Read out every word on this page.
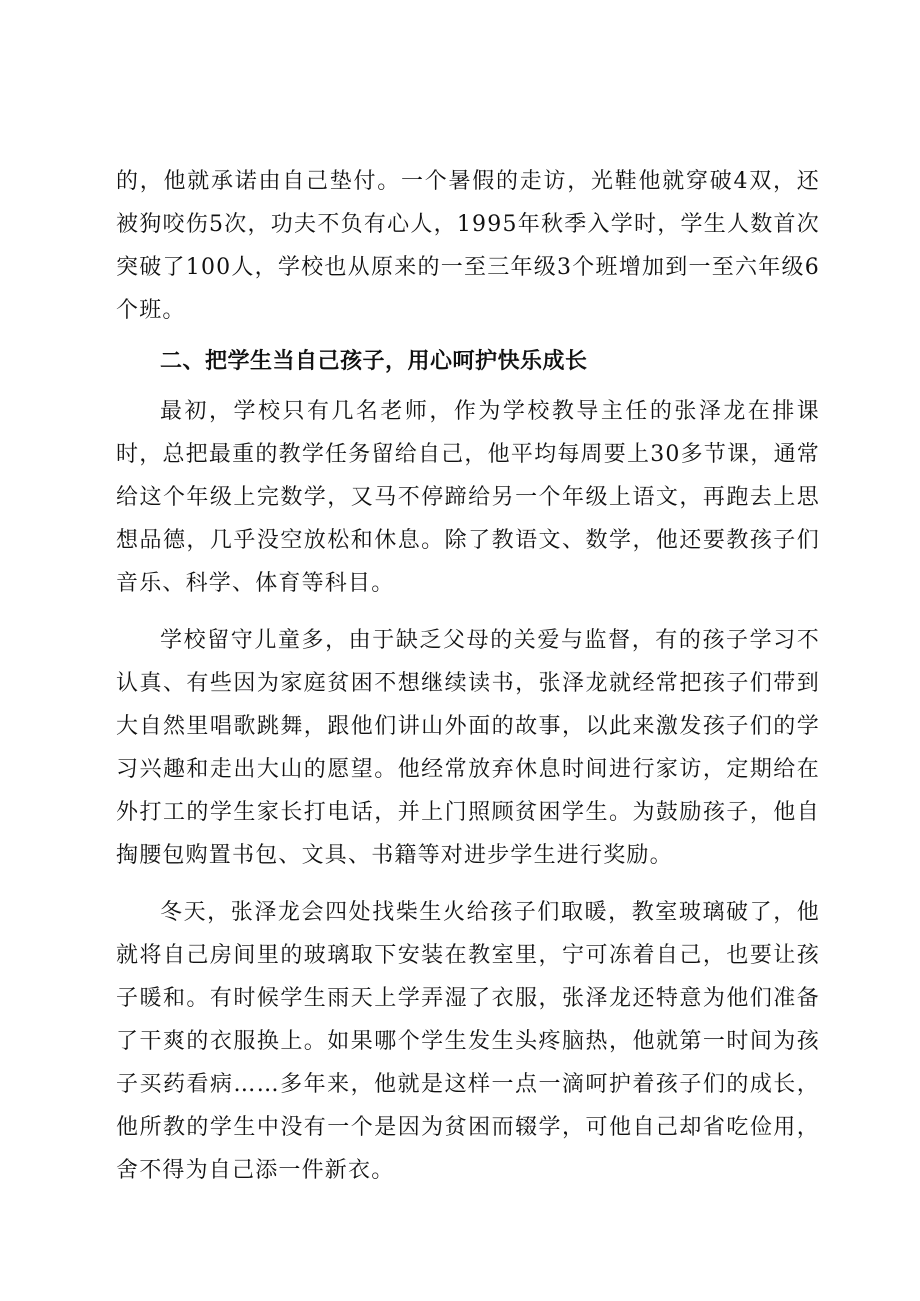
的，他就承诺由自己垫付。一个暑假的走访，光鞋他就穿破4双，还被狗咬伤5次，功夫不负有心人，1995年秋季入学时，学生人数首次突破了100人，学校也从原来的一至三年级3个班增加到一至六年级6个班。

二、把学生当自己孩子，用心呵护快乐成长

最初，学校只有几名老师，作为学校教导主任的张泽龙在排课时，总把最重的教学任务留给自己，他平均每周要上30多节课，通常给这个年级上完数学，又马不停蹄给另一个年级上语文，再跑去上思想品德，几乎没空放松和休息。除了教语文、数学，他还要教孩子们音乐、科学、体育等科目。

学校留守儿童多，由于缺乏父母的关爱与监督，有的孩子学习不认真、有些因为家庭贫困不想继续读书，张泽龙就经常把孩子们带到大自然里唱歌跳舞，跟他们讲山外面的故事，以此来激发孩子们的学习兴趣和走出大山的愿望。他经常放弃休息时间进行家访，定期给在外打工的学生家长打电话，并上门照顾贫困学生。为鼓励孩子，他自掏腰包购置书包、文具、书籍等对进步学生进行奖励。

冬天，张泽龙会四处找柴生火给孩子们取暖，教室玻璃破了，他就将自己房间里的玻璃取下安装在教室里，宁可冻着自己，也要让孩子暖和。有时候学生雨天上学弄湿了衣服，张泽龙还特意为他们准备了干爽的衣服换上。如果哪个学生发生头疼脑热，他就第一时间为孩子买药看病……多年来，他就是这样一点一滴呵护着孩子们的成长，他所教的学生中没有一个是因为贫困而辍学，可他自己却省吃俭用，舍不得为自己添一件新衣。
